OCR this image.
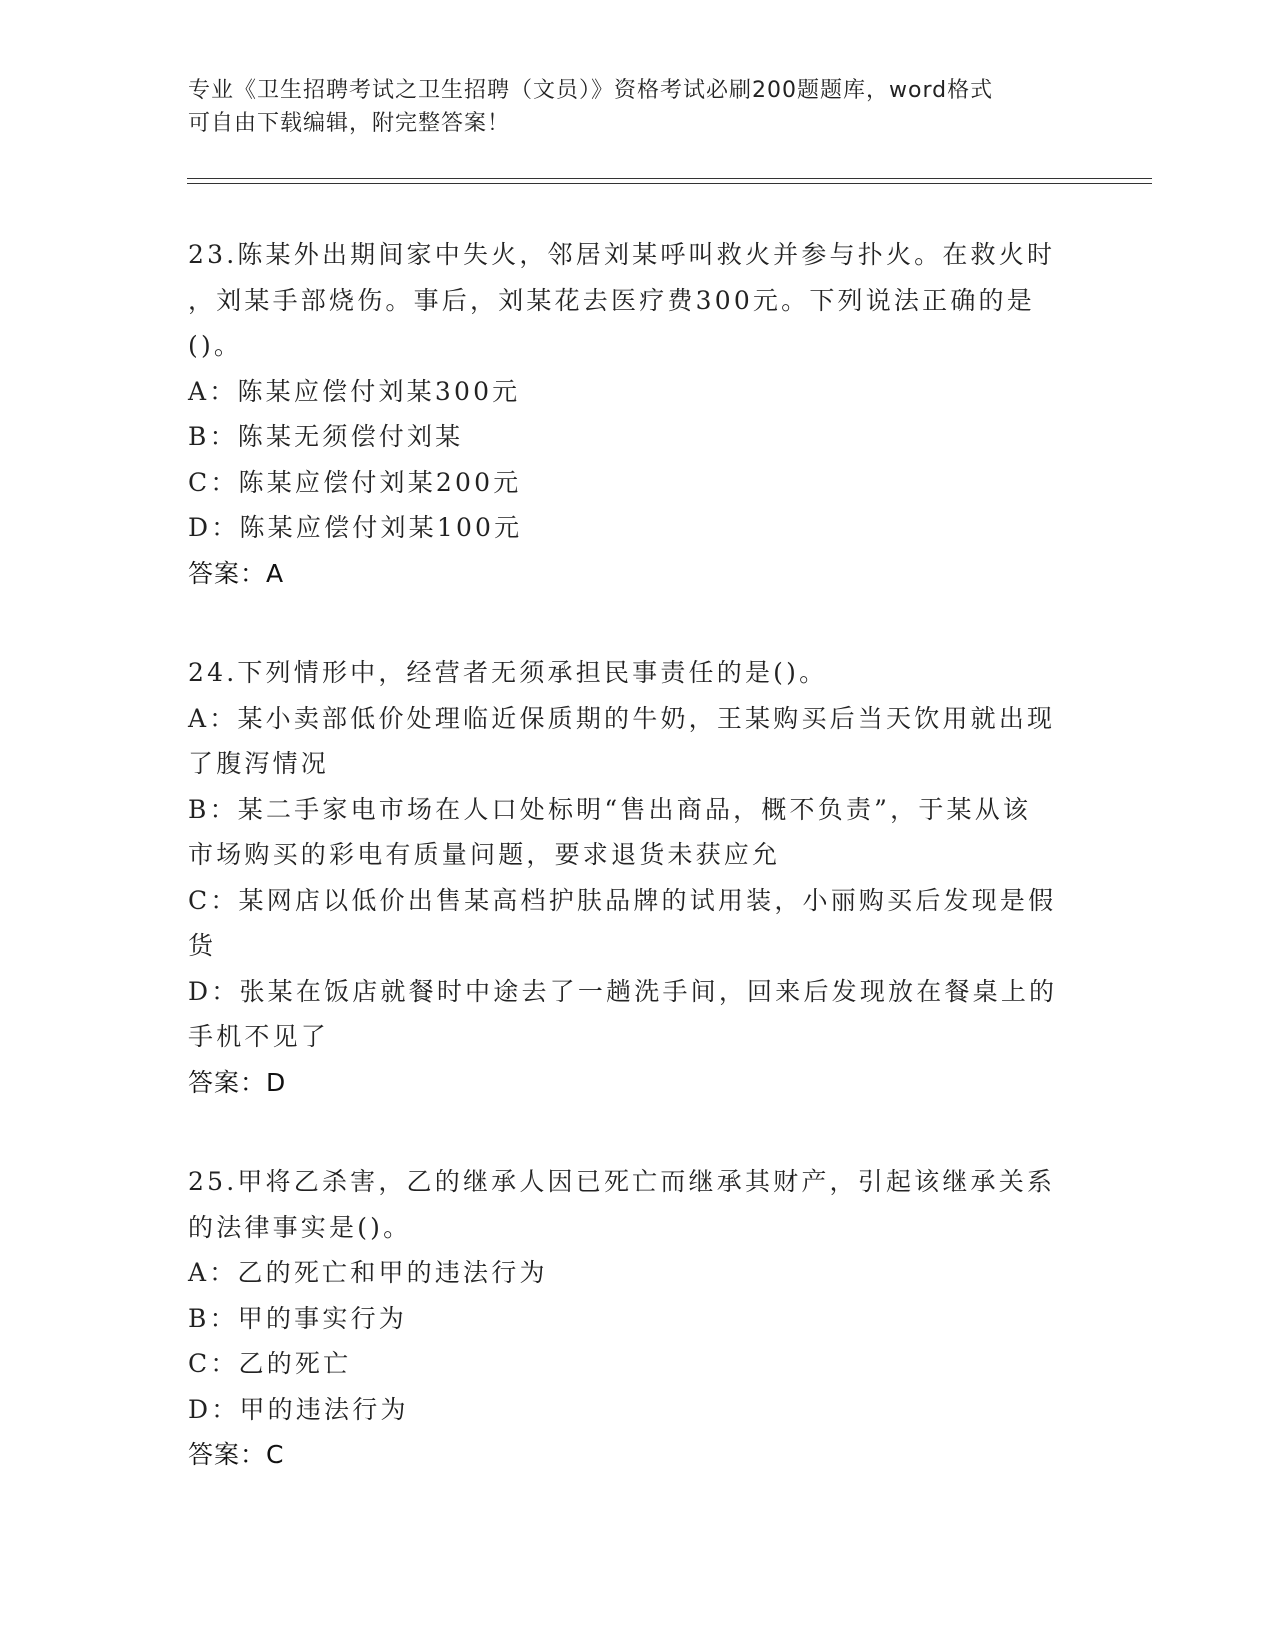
专业《卫生招聘考试之卫生招聘（文员）》资格考试必刷200题题库，word格式
可自由下载编辑，附完整答案！
23.陈某外出期间家中失火，邻居刘某呼叫救火并参与扑火。在救火时
，刘某手部烧伤。事后，刘某花去医疗费300元。下列说法正确的是
()。
A：陈某应偿付刘某300元
B：陈某无须偿付刘某
C：陈某应偿付刘某200元
D：陈某应偿付刘某100元
答案：A
24.下列情形中，经营者无须承担民事责任的是()。
A：某小卖部低价处理临近保质期的牛奶，王某购买后当天饮用就出现
了腹泻情况
B：某二手家电市场在人口处标明“售出商品，概不负责”，于某从该
市场购买的彩电有质量问题，要求退货未获应允
C：某网店以低价出售某高档护肤品牌的试用装，小丽购买后发现是假
货
D：张某在饭店就餐时中途去了一趟洗手间，回来后发现放在餐桌上的
手机不见了
答案：D
25.甲将乙杀害，乙的继承人因已死亡而继承其财产，引起该继承关系
的法律事实是()。
A：乙的死亡和甲的违法行为
B：甲的事实行为
C：乙的死亡
D：甲的违法行为
答案：C
